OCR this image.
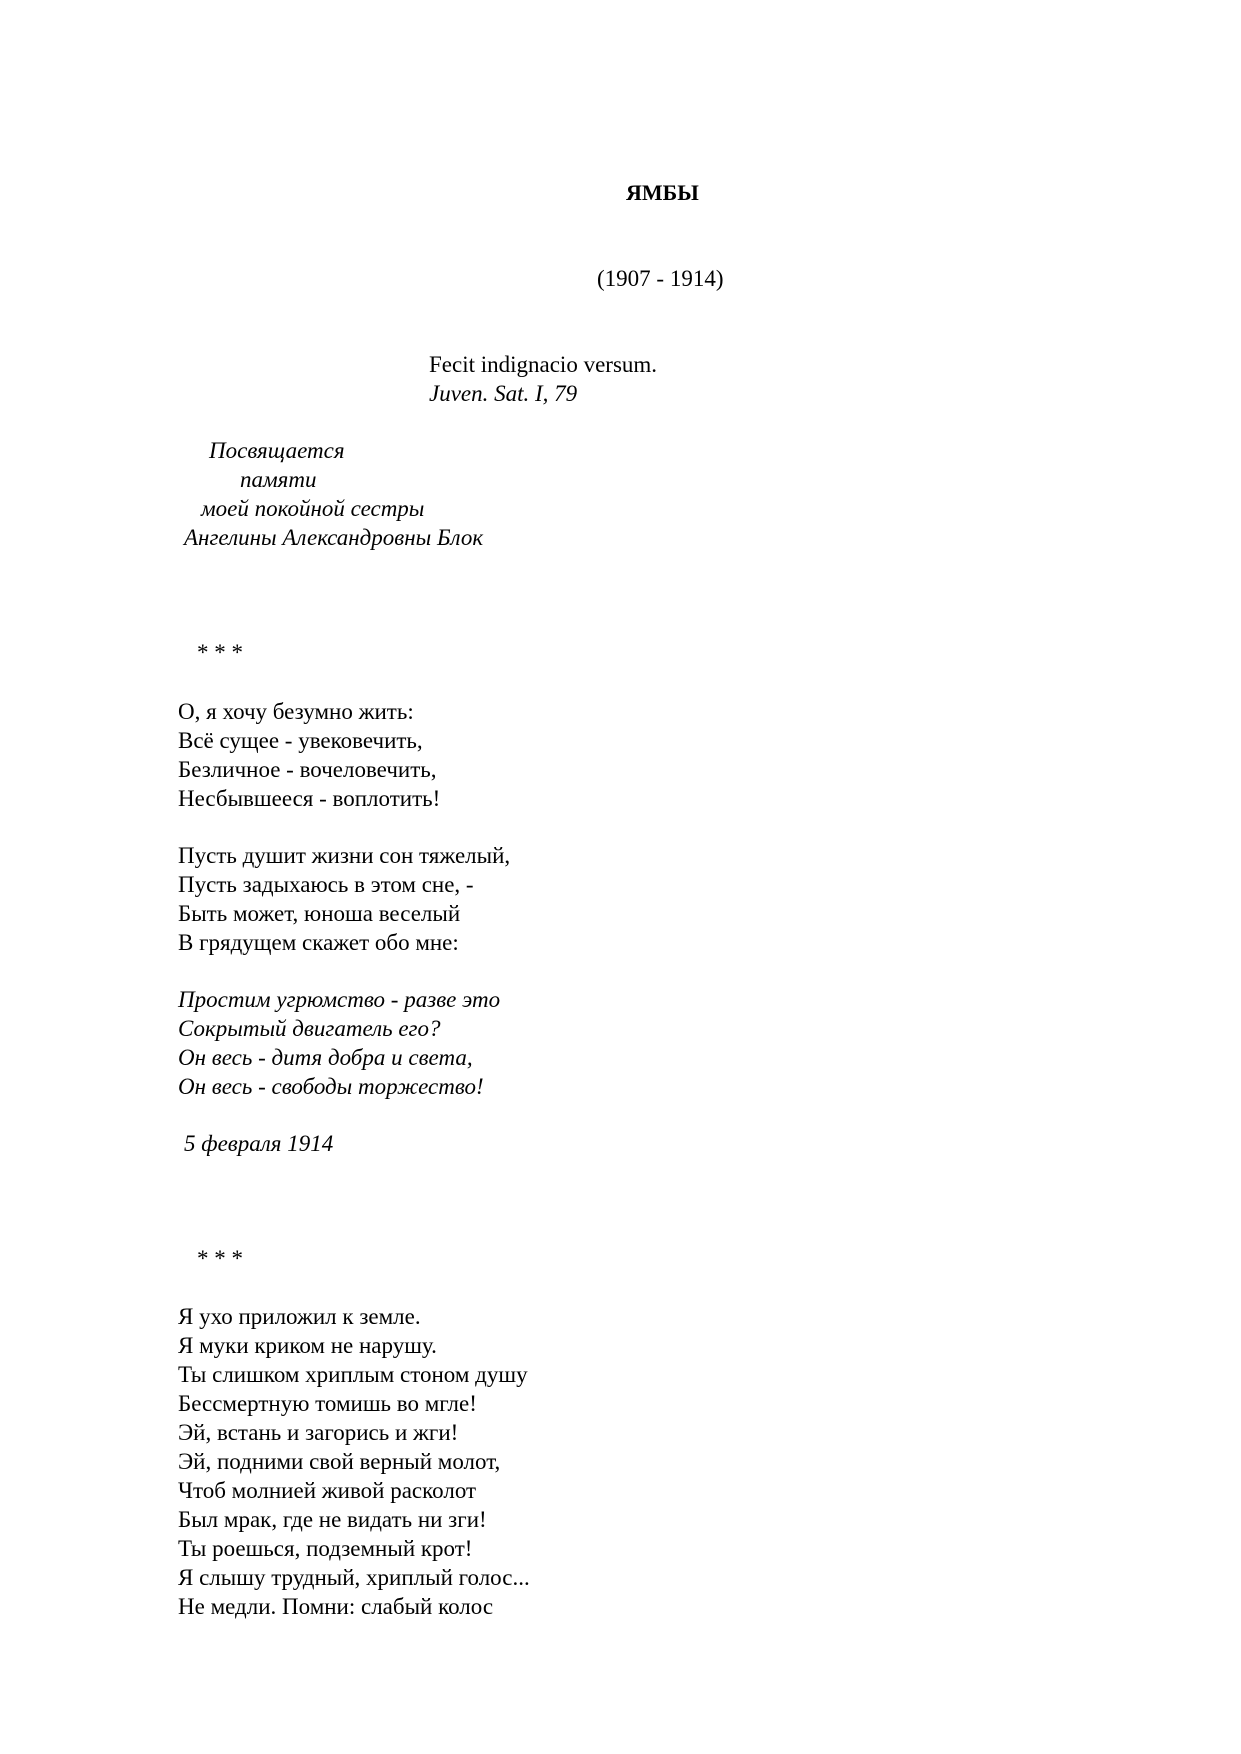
ЯМБЫ
(1907 - 1914)
Fecit indignacio versum.
Juven. Sat. I, 79
Посвящается
памяти
моей покойной сестры
Ангелины Александровны Блок
* * *
О, я хочу безумно жить:
Всё сущее - увековечить,
Безличное - вочеловечить,
Несбывшееся - воплотить!
Пусть душит жизни сон тяжелый,
Пусть задыхаюсь в этом сне, -
Быть может, юноша веселый
В грядущем скажет обо мне:
Простим угрюмство - разве это
Сокрытый двигатель его?
Он весь - дитя добра и света,
Он весь - свободы торжество!
5 февраля 1914
* * *
Я ухо приложил к земле.
Я муки криком не нарушу.
Ты слишком хриплым стоном душу
Бессмертную томишь во мгле!
Эй, встань и загорись и жги!
Эй, подними свой верный молот,
Чтоб молнией живой расколот
Был мрак, где не видать ни зги!
Ты роешься, подземный крот!
Я слышу трудный, хриплый голос...
Не медли. Помни: слабый колос
